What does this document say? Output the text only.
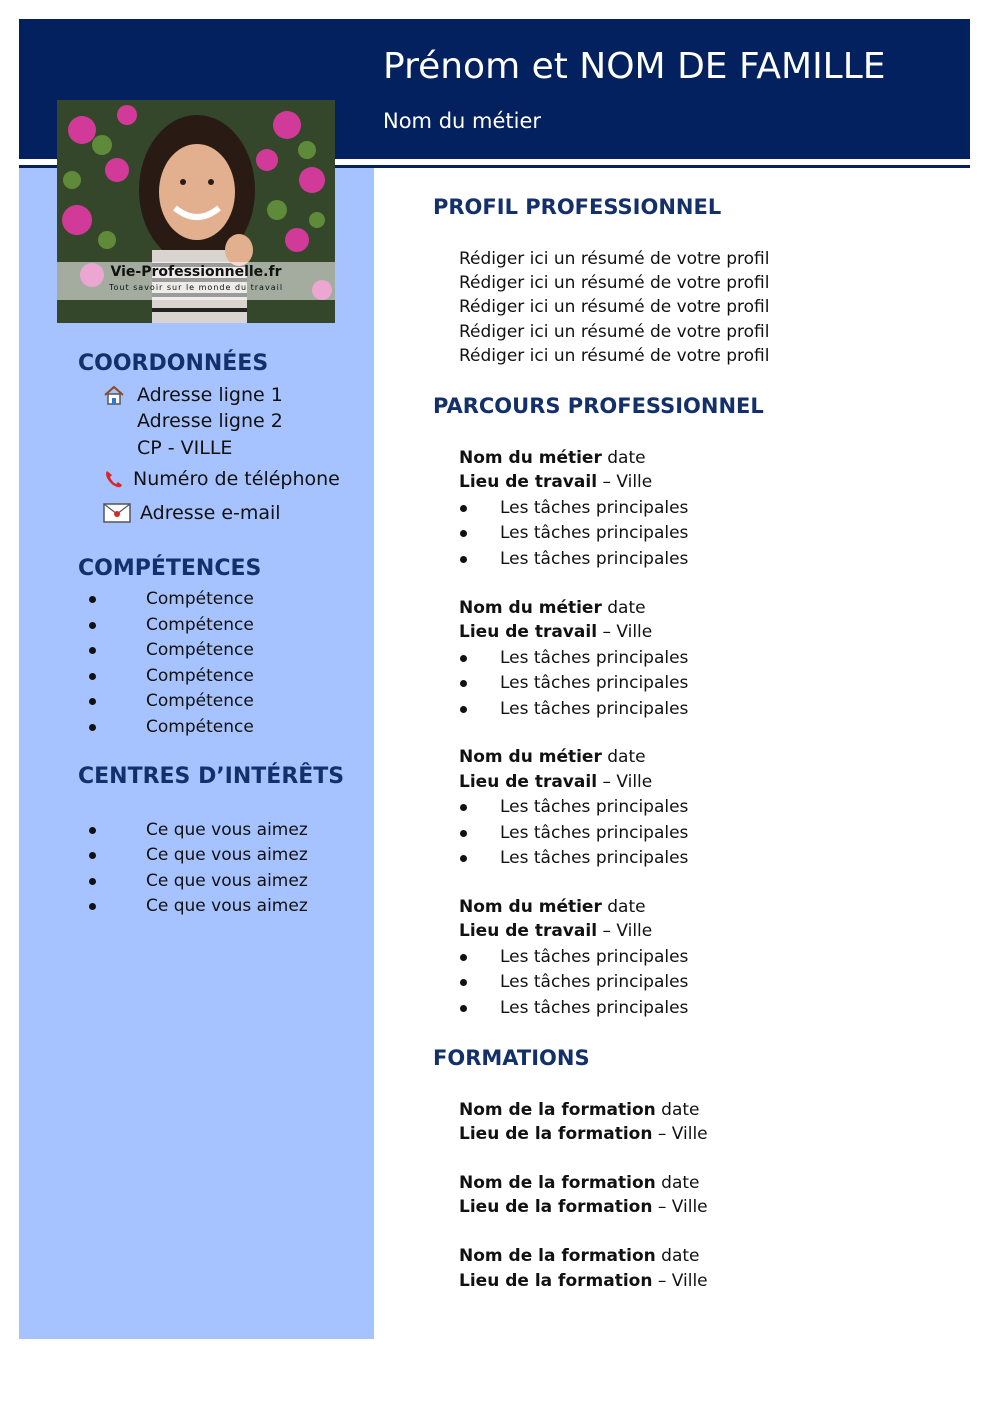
Prénom et NOM DE FAMILLE
Nom du métier
Vie-Professionnelle.fr
Tout savoir sur le monde du travail
COORDONNÉES
Adresse ligne 1
Adresse ligne 2
CP - VILLE
Numéro de téléphone
Adresse e-mail
COMPÉTENCES
Compétence
Compétence
Compétence
Compétence
Compétence
Compétence
CENTRES D’INTÉRÊTS
Ce que vous aimez
Ce que vous aimez
Ce que vous aimez
Ce que vous aimez
PROFIL PROFESSIONNEL
Rédiger ici un résumé de votre profil
Rédiger ici un résumé de votre profil
Rédiger ici un résumé de votre profil
Rédiger ici un résumé de votre profil
Rédiger ici un résumé de votre profil
PARCOURS PROFESSIONNEL
Nom du métier date
Lieu de travail – Ville
Les tâches principales
Les tâches principales
Les tâches principales
Nom du métier date
Lieu de travail – Ville
Les tâches principales
Les tâches principales
Les tâches principales
Nom du métier date
Lieu de travail – Ville
Les tâches principales
Les tâches principales
Les tâches principales
Nom du métier date
Lieu de travail – Ville
Les tâches principales
Les tâches principales
Les tâches principales
FORMATIONS
Nom de la formation date
Lieu de la formation – Ville
Nom de la formation date
Lieu de la formation – Ville
Nom de la formation date
Lieu de la formation – Ville
